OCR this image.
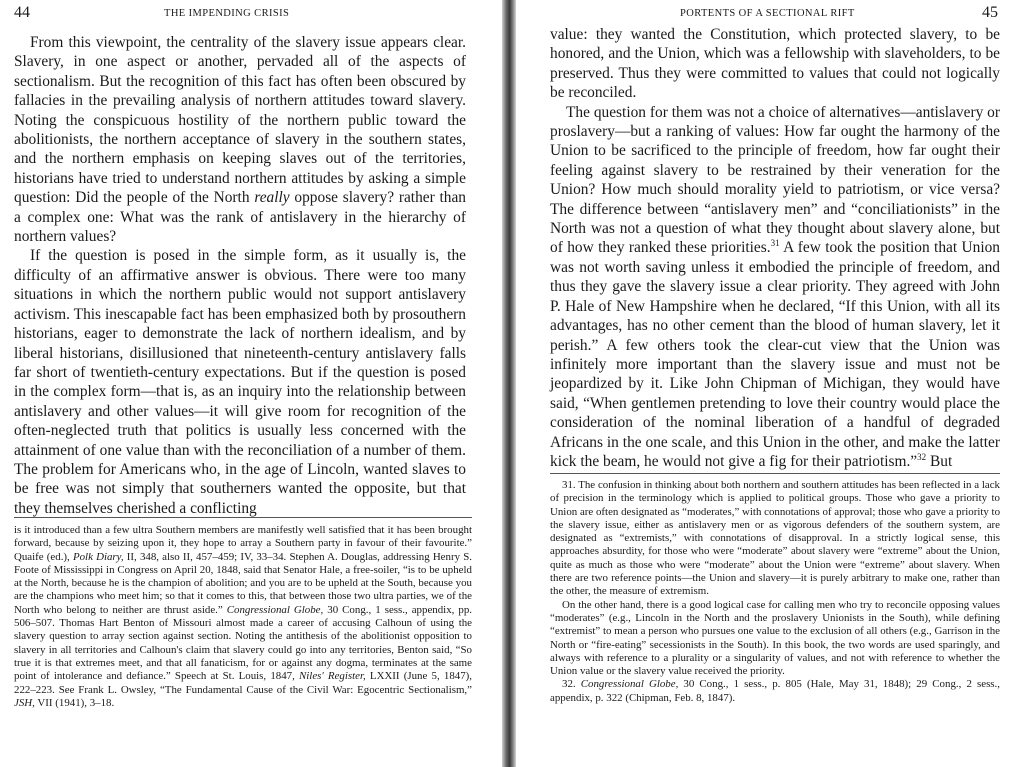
44	THE IMPENDING CRISIS

From this viewpoint, the centrality of the slavery issue appears clear. Slavery, in one aspect or another, pervaded all of the aspects of sectionalism. But the recognition of this fact has often been obscured by fallacies in the prevailing analysis of northern attitudes toward slavery. Noting the conspicuous hostility of the northern public toward the abolitionists, the northern acceptance of slavery in the southern states, and the northern emphasis on keeping slaves out of the territories, historians have tried to understand northern attitudes by asking a simple question: Did the people of the North really oppose slavery? rather than a complex one: What was the rank of antislavery in the hierarchy of northern values?

If the question is posed in the simple form, as it usually is, the difficulty of an affirmative answer is obvious. There were too many situations in which the northern public would not support antislavery activism. This inescapable fact has been emphasized both by prosouthern historians, eager to demonstrate the lack of northern idealism, and by liberal historians, disillusioned that nineteenth-century antislavery falls far short of twentieth-century expectations. But if the question is posed in the complex form—that is, as an inquiry into the relationship between antislavery and other values—it will give room for recognition of the often-neglected truth that politics is usually less concerned with the attainment of one value than with the reconciliation of a number of them. The problem for Americans who, in the age of Lincoln, wanted slaves to be free was not simply that southerners wanted the opposite, but that they themselves cherished a conflicting

is it introduced than a few ultra Southern members are manifestly well satisfied that it has been brought forward, because by seizing upon it, they hope to array a Southern party in favour of their favourite.” Quaife (ed.), Polk Diary, II, 348, also II, 457–459; IV, 33–34. Stephen A. Douglas, addressing Henry S. Foote of Mississippi in Congress on April 20, 1848, said that Senator Hale, a free-soiler, “is to be upheld at the North, because he is the champion of abolition; and you are to be upheld at the South, because you are the champions who meet him; so that it comes to this, that between those two ultra parties, we of the North who belong to neither are thrust aside.” Congressional Globe, 30 Cong., 1 sess., appendix, pp. 506–507. Thomas Hart Benton of Missouri almost made a career of accusing Calhoun of using the slavery question to array section against section. Noting the antithesis of the abolitionist opposition to slavery in all territories and Calhoun's claim that slavery could go into any territories, Benton said, “So true it is that extremes meet, and that all fanaticism, for or against any dogma, terminates at the same point of intolerance and defiance.” Speech at St. Louis, 1847, Niles' Register, LXXII (June 5, 1847), 222–223. See Frank L. Owsley, “The Fundamental Cause of the Civil War: Egocentric Sectionalism,” JSH, VII (1941), 3–18.

PORTENTS OF A SECTIONAL RIFT	45

value: they wanted the Constitution, which protected slavery, to be honored, and the Union, which was a fellowship with slaveholders, to be preserved. Thus they were committed to values that could not logically be reconciled.

The question for them was not a choice of alternatives—antislavery or proslavery—but a ranking of values: How far ought the harmony of the Union to be sacrificed to the principle of freedom, how far ought their feeling against slavery to be restrained by their veneration for the Union? How much should morality yield to patriotism, or vice versa? The difference between “antislavery men” and “conciliationists” in the North was not a question of what they thought about slavery alone, but of how they ranked these priorities.$^{31}$ A few took the position that Union was not worth saving unless it embodied the principle of freedom, and thus they gave the slavery issue a clear priority. They agreed with John P. Hale of New Hampshire when he declared, “If this Union, with all its advantages, has no other cement than the blood of human slavery, let it perish.” A few others took the clear-cut view that the Union was infinitely more important than the slavery issue and must not be jeopardized by it. Like John Chipman of Michigan, they would have said, “When gentlemen pretending to love their country would place the consideration of the nominal liberation of a handful of degraded Africans in the one scale, and this Union in the other, and make the latter kick the beam, he would not give a fig for their patriotism.”$^{32}$ But

31. The confusion in thinking about both northern and southern attitudes has been reflected in a lack of precision in the terminology which is applied to political groups. Those who gave a priority to Union are often designated as “moderates,” with connotations of approval; those who gave a priority to the slavery issue, either as antislavery men or as vigorous defenders of the southern system, are designated as “extremists,” with connotations of disapproval. In a strictly logical sense, this approaches absurdity, for those who were “moderate” about slavery were “extreme” about the Union, quite as much as those who were “moderate” about the Union were “extreme” about slavery. When there are two reference points—the Union and slavery—it is purely arbitrary to make one, rather than the other, the measure of extremism.

On the other hand, there is a good logical case for calling men who try to reconcile opposing values “moderates” (e.g., Lincoln in the North and the proslavery Unionists in the South), while defining “extremist” to mean a person who pursues one value to the exclusion of all others (e.g., Garrison in the North or “fire-eating” secessionists in the South). In this book, the two words are used sparingly, and always with reference to a plurality or a singularity of values, and not with reference to whether the Union value or the slavery value received the priority.

32. Congressional Globe, 30 Cong., 1 sess., p. 805 (Hale, May 31, 1848); 29 Cong., 2 sess., appendix, p. 322 (Chipman, Feb. 8, 1847).
